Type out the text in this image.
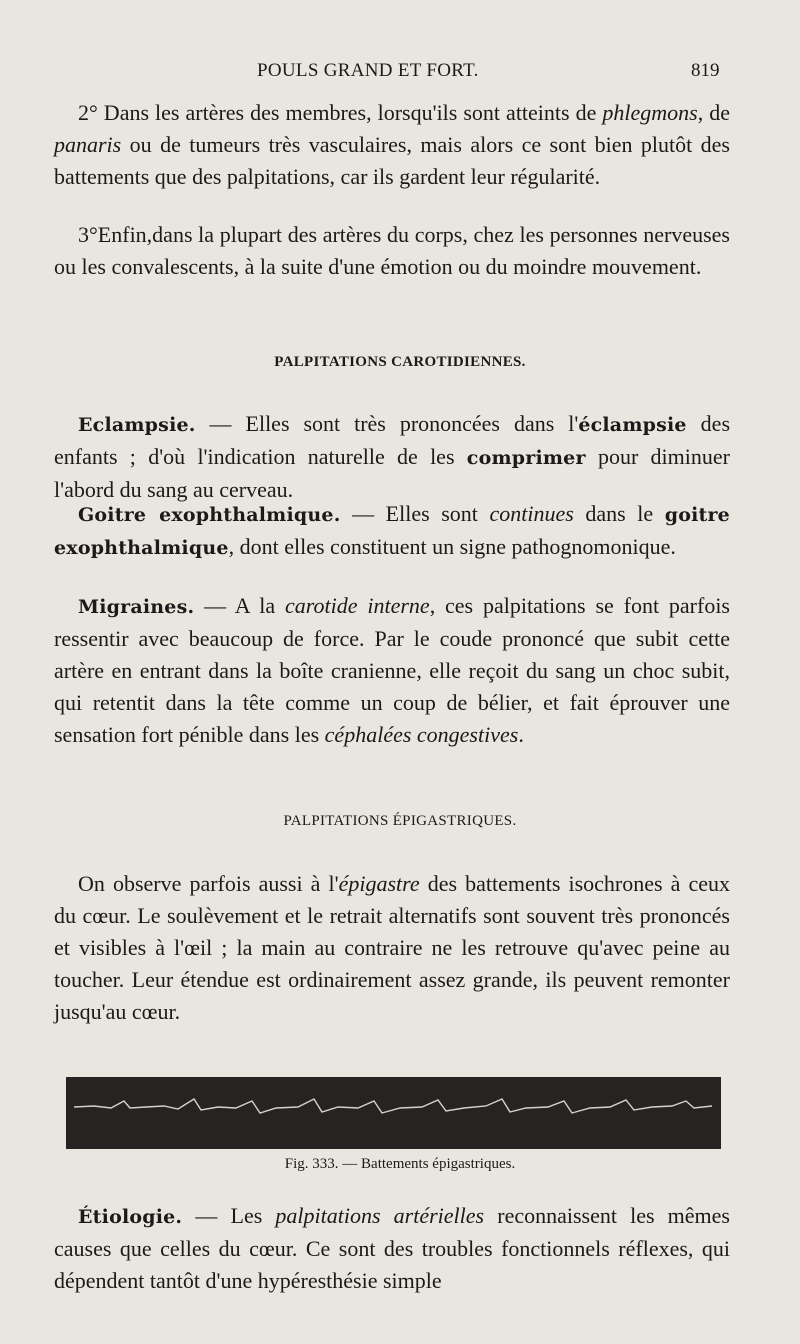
POULS GRAND ET FORT.	819

2° Dans les artères des membres, lorsqu'ils sont atteints de phlegmons, de panaris ou de tumeurs très vasculaires, mais alors ce sont bien plutôt des battements que des palpitations, car ils gardent leur régularité.

3°Enfin,dans la plupart des artères du corps, chez les personnes nerveuses ou les convalescents, à la suite d'une émotion ou du moindre mouvement.

PALPITATIONS CAROTIDIENNES.

Eclampsie. — Elles sont très prononcées dans l'éclampsie des enfants ; d'où l'indication naturelle de les comprimer pour diminuer l'abord du sang au cerveau.

Goitre exophthalmique. — Elles sont continues dans le goitre exophthalmique, dont elles constituent un signe pathognomonique.

Migraines. — A la carotide interne, ces palpitations se font parfois ressentir avec beaucoup de force. Par le coude prononcé que subit cette artère en entrant dans la boîte cranienne, elle reçoit du sang un choc subit, qui retentit dans la tête comme un coup de bélier, et fait éprouver une sensation fort pénible dans les céphalées congestives.

PALPITATIONS ÉPIGASTRIQUES.

On observe parfois aussi à l'épigastre des battements isochrones à ceux du cœur. Le soulèvement et le retrait alternatifs sont souvent très prononcés et visibles à l'œil ; la main au contraire ne les retrouve qu'avec peine au toucher. Leur étendue est ordinairement assez grande, ils peuvent remonter jusqu'au cœur.

Fig. 333. — Battements épigastriques.

Étiologie. — Les palpitations artérielles reconnaissent les mêmes causes que celles du cœur. Ce sont des troubles fonctionnels réflexes, qui dépendent tantôt d'une hypéresthésie simple
